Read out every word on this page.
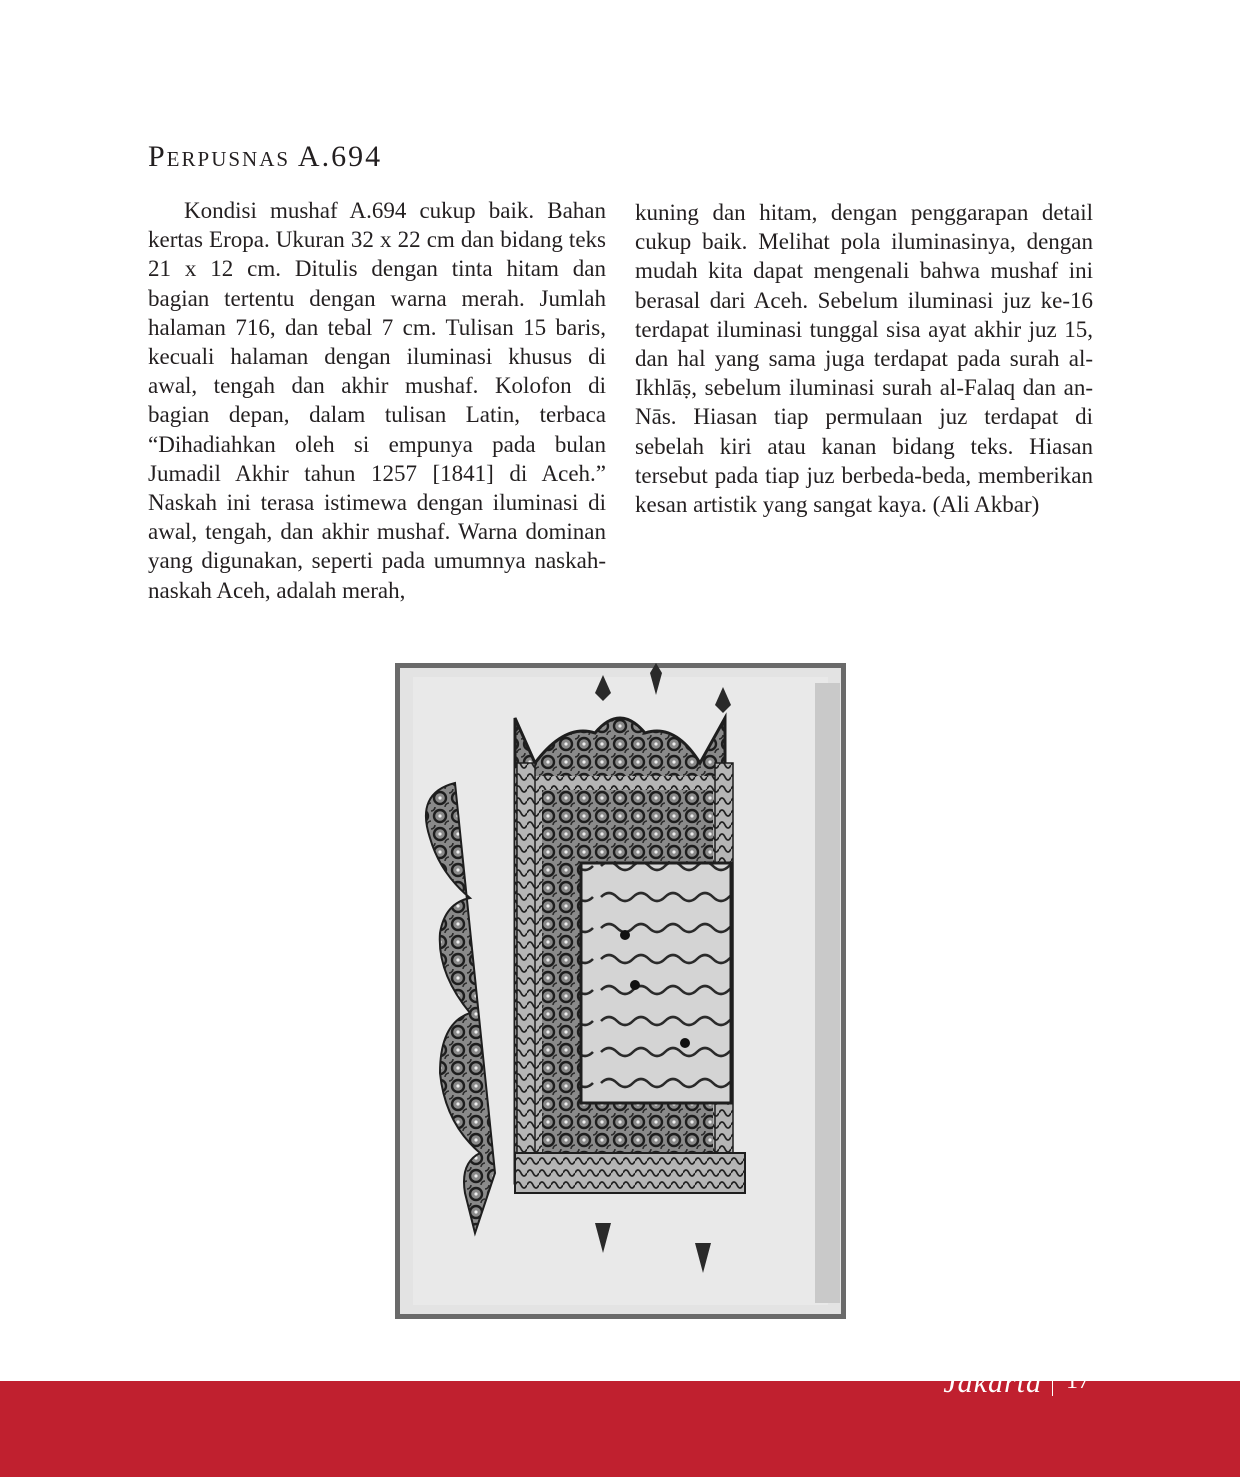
Perpusnas A.694

Kondisi mushaf A.694 cukup baik. Bahan kertas Eropa. Ukuran 32 x 22 cm dan bidang teks 21 x 12 cm. Ditulis dengan tinta hitam dan bagian tertentu dengan warna merah. Jumlah halaman 716, dan tebal 7 cm. Tulisan 15 baris, kecuali halaman dengan iluminasi khusus di awal, tengah dan akhir mushaf. Kolofon di bagian depan, dalam tulisan Latin, terbaca “Dihadiahkan oleh si empunya pada bulan Jumadil Akhir tahun 1257 [1841] di Aceh.” Naskah ini terasa istimewa dengan iluminasi di awal, tengah, dan akhir mushaf. Warna dominan yang digunakan, seperti pada umumnya naskah-naskah Aceh, adalah merah,

kuning dan hitam, dengan penggarapan detail cukup baik. Melihat pola iluminasinya, dengan mudah kita dapat mengenali bahwa mushaf ini berasal dari Aceh. Sebelum iluminasi juz ke-16 terdapat iluminasi tunggal sisa ayat akhir juz 15, dan hal yang sama juga terdapat pada surah al-Ikhlāṣ, sebelum iluminasi surah al-Falaq dan an-Nās. Hiasan tiap permulaan juz terdapat di sebelah kiri atau kanan bidang teks. Hiasan tersebut pada tiap juz berbeda-beda, memberikan kesan artistik yang sangat kaya. (Ali Akbar)

Jakarta 17
